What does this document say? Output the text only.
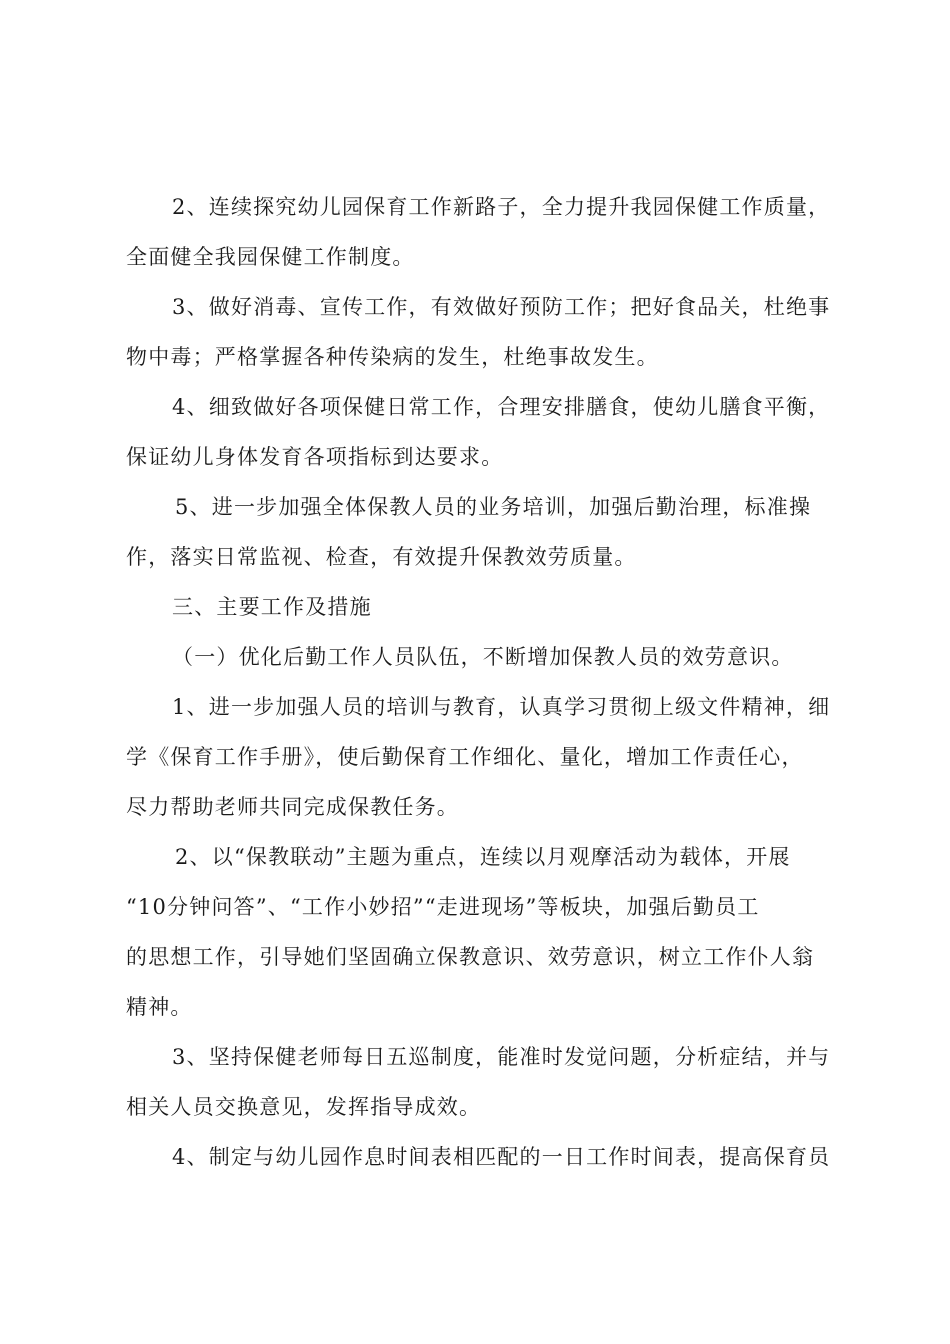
2、连续探究幼儿园保育工作新路子，全力提升我园保健工作质量，
全面健全我园保健工作制度。
3、做好消毒、宣传工作，有效做好预防工作；把好食品关，杜绝事
物中毒；严格掌握各种传染病的发生，杜绝事故发生。
4、细致做好各项保健日常工作，合理安排膳食，使幼儿膳食平衡，
保证幼儿身体发育各项指标到达要求。
5、进一步加强全体保教人员的业务培训，加强后勤治理，标准操
作，落实日常监视、检查，有效提升保教效劳质量。
三、主要工作及措施
（一）优化后勤工作人员队伍，不断增加保教人员的效劳意识。
1、进一步加强人员的培训与教育，认真学习贯彻上级文件精神，细
学《保育工作手册》，使后勤保育工作细化、量化，增加工作责任心，
尽力帮助老师共同完成保教任务。
2、以“保教联动”主题为重点，连续以月观摩活动为载体，开展
“10分钟问答”、“工作小妙招”“走进现场”等板块，加强后勤员工
的思想工作，引导她们坚固确立保教意识、效劳意识，树立工作仆人翁
精神。
3、坚持保健老师每日五巡制度，能准时发觉问题，分析症结，并与
相关人员交换意见，发挥指导成效。
4、制定与幼儿园作息时间表相匹配的一日工作时间表，提高保育员
